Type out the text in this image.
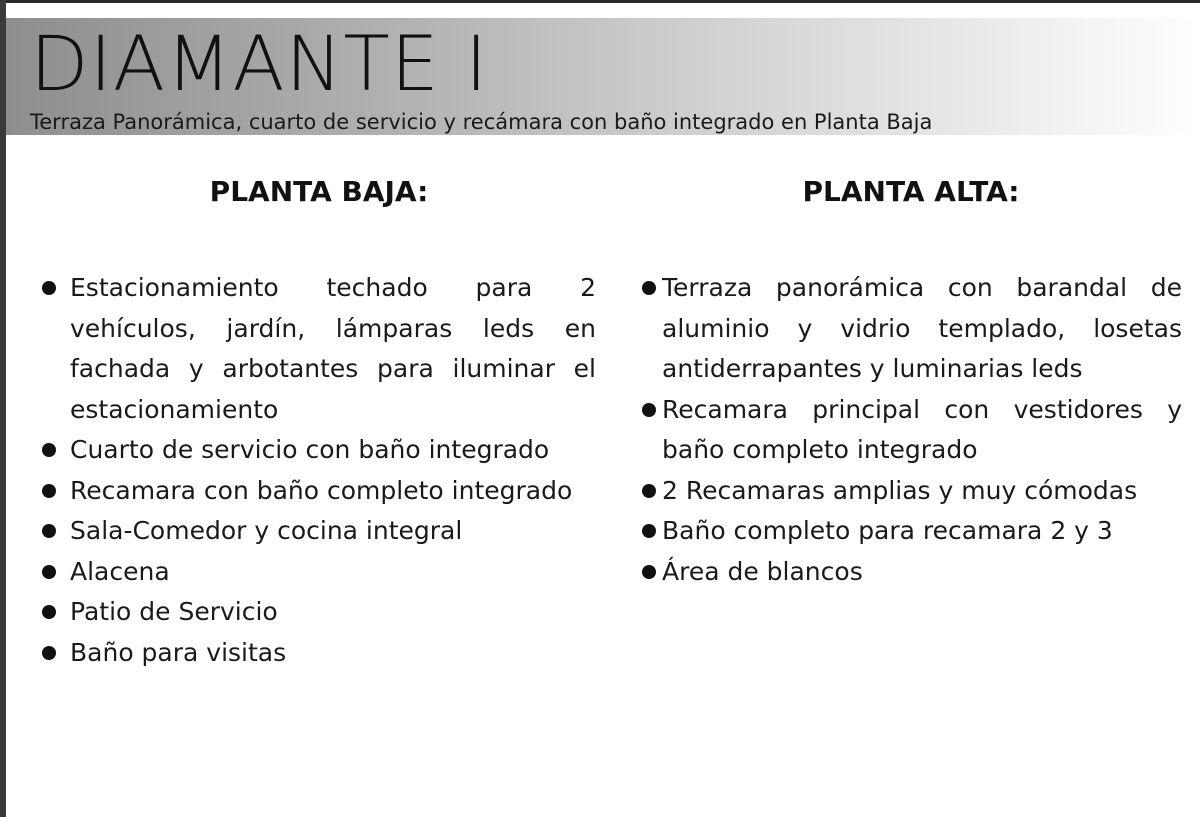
DIAMANTE I
Terraza Panorámica, cuarto de servicio y recámara con baño integrado en Planta Baja
PLANTA BAJA:
Estacionamiento techado para 2 vehículos, jardín, lámparas leds en fachada y arbotantes para iluminar el estacionamiento
Cuarto de servicio con baño integrado
Recamara con baño completo integrado
Sala-Comedor y cocina integral
Alacena
Patio de Servicio
Baño para visitas
PLANTA ALTA:
Terraza panorámica con barandal de aluminio y vidrio templado, losetas antiderrapantes y luminarias leds
Recamara principal con vestidores y baño completo integrado
2 Recamaras amplias y muy cómodas
Baño completo para recamara 2 y 3
Área de blancos
